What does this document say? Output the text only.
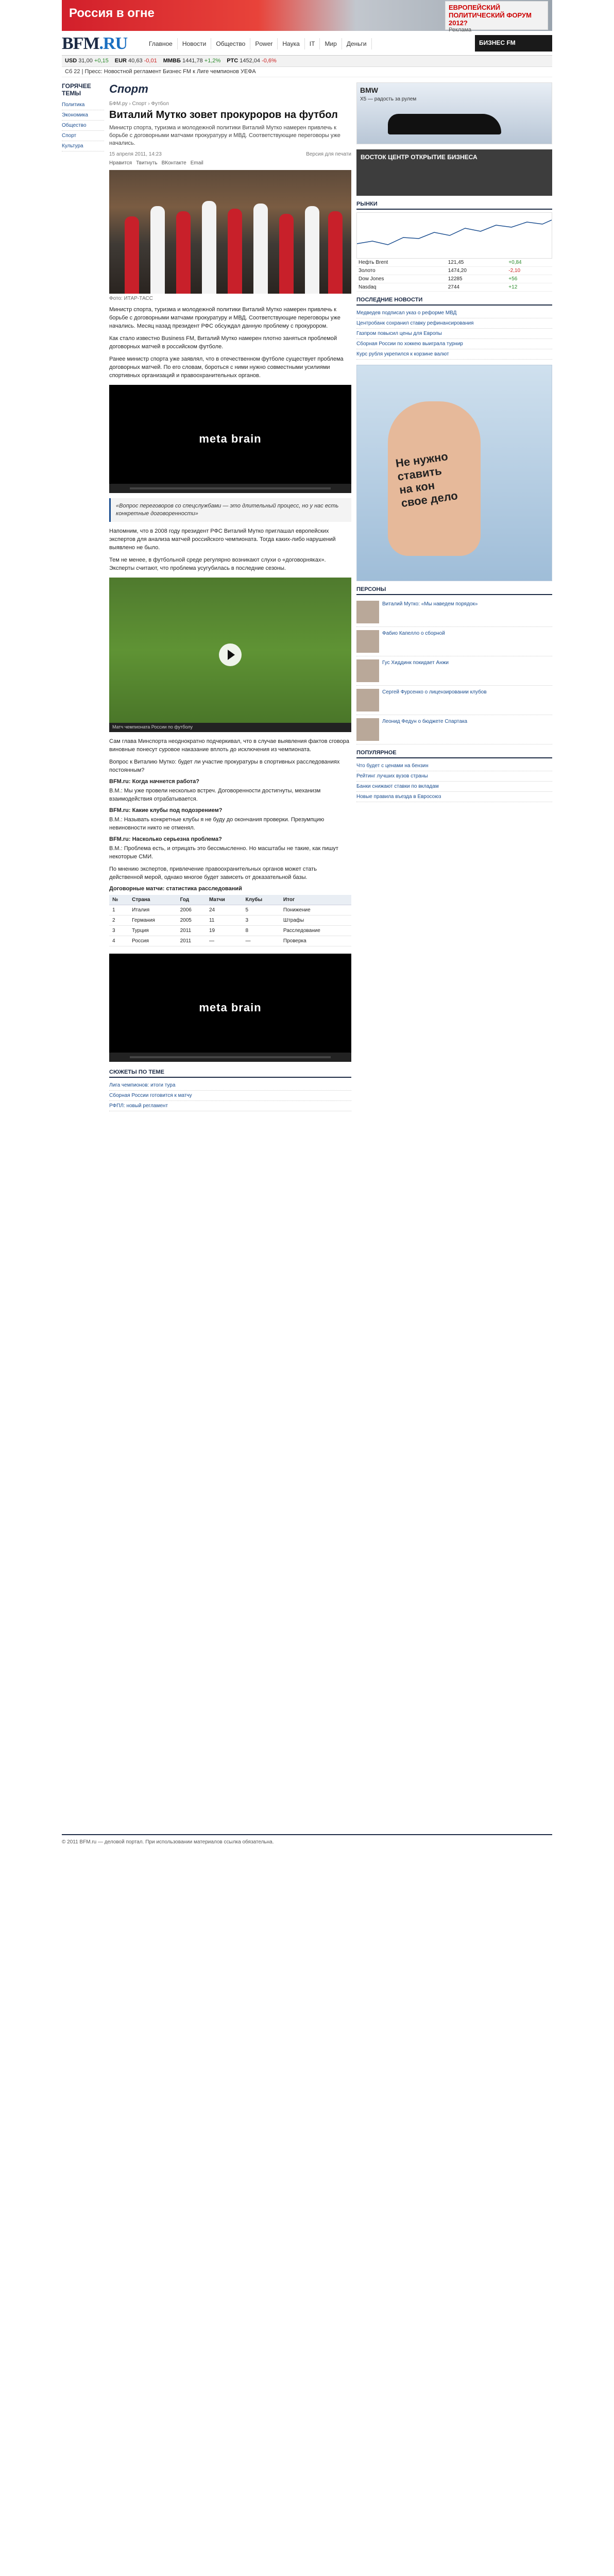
Россия в огне	ЕВРОПЕЙСКИЙ ПОЛИТИЧЕСКИЙ ФОРУМ 2012?
Реклама
BFM.RU	Главное	Новости	Общество	Power	Наука	IT	Мир	Деньги	БИЗНЕС FM
USD 31,00 +0,15 EUR 40,63 -0,01 ММВБ 1441,78 +1,2% РТС 1452,04 -0,6%
Сб 22 | Пресс: Новостной регламент Бизнес FM к Лиге чемпионов УЕФА
ГОРЯЧЕЕ ТЕМЫ
Политика
Экономика
Общество
Спорт
Культура
Спорт
БФМ.ру › Спорт › Футбол
Виталий Мутко зовет прокуроров на футбол
Министр спорта, туризма и молодежной политики Виталий Мутко намерен привлечь к борьбе с договорными матчами прокуратуру и МВД. Соответствующие переговоры уже начались.
15 апреля 2011, 14:23	Версия для печати
Нравится Твитнуть ВКонтакте Email
Фото: ИТАР-ТАСС

Министр спорта, туризма и молодежной политики Виталий Мутко намерен привлечь к борьбе с договорными матчами прокуратуру и МВД. Соответствующие переговоры уже начались. Месяц назад президент РФС обсуждал данную проблему с прокурором.

Как стало известно Business FM, Виталий Мутко намерен плотно заняться проблемой договорных матчей в российском футболе.

Ранее министр спорта уже заявлял, что в отечественном футболе существует проблема договорных матчей. По его словам, бороться с ними нужно совместными усилиями спортивных организаций и правоохранительных органов.

meta brain
«Вопрос переговоров со спецслужбами — это длительный процесс, но у нас есть конкретные договоренности»

Напомним, что в 2008 году президент РФС Виталий Мутко приглашал европейских экспертов для анализа матчей российского чемпионата. Тогда каких-либо нарушений выявлено не было.

Тем не менее, в футбольной среде регулярно возникают слухи о «договорняках». Эксперты считают, что проблема усугубилась в последние сезоны.

Матч чемпионата России по футболу

Сам глава Минспорта неоднократно подчеркивал, что в случае выявления фактов сговора виновные понесут суровое наказание вплоть до исключения из чемпионата.

Вопрос к Виталию Мутко: будет ли участие прокуратуры в спортивных расследованиях постоянным?

BFM.ru: Когда начнется работа?

В.М.: Мы уже провели несколько встреч. Договоренности достигнуты, механизм взаимодействия отрабатывается.

BFM.ru: Какие клубы под подозрением?

В.М.: Называть конкретные клубы я не буду до окончания проверки. Презумпцию невиновности никто не отменял.

BFM.ru: Насколько серьезна проблема?

В.М.: Проблема есть, и отрицать это бессмысленно. Но масштабы не такие, как пишут некоторые СМИ.

По мнению экспертов, привлечение правоохранительных органов может стать действенной мерой, однако многое будет зависеть от доказательной базы.

Договорные матчи: статистика расследований
№	Страна	Год	Матчи	Клубы	Итог
1	Италия	2006	24	5	Понижение
2	Германия	2005	11	3	Штрафы
3	Турция	2011	19	8	Расследование
4	Россия	2011	—	—	Проверка
meta brain
СЮЖЕТЫ ПО ТЕМЕ
Лига чемпионов: итоги тура
Сборная России готовится к матчу
РФПЛ: новый регламент
BMW
X5 — радость за рулем
ВОСТОК ЦЕНТР ОТКРЫТИЕ БИЗНЕСА
РЫНКИ
Нефть Brent	121,45	+0,84
Золото	1474,20	-2,10
Dow Jones	12285	+56
Nasdaq	2744	+12
ПОСЛЕДНИЕ НОВОСТИ
Медведев подписал указ о реформе МВД
Центробанк сохранил ставку рефинансирования
Газпром повысил цены для Европы
Сборная России по хоккею выиграла турнир
Курс рубля укрепился к корзине валют
Не нужно
ставить
на кон
свое дело
ПЕРСОНЫ
Виталий Мутко: «Мы наведем порядок»
Фабио Капелло о сборной
Гус Хиддинк покидает Анжи
Сергей Фурсенко о лицензировании клубов
Леонид Федун о бюджете Спартака
ПОПУЛЯРНОЕ
Что будет с ценами на бензин
Рейтинг лучших вузов страны
Банки снижают ставки по вкладам
Новые правила въезда в Евросоюз
© 2011 BFM.ru — деловой портал. При использовании материалов ссылка обязательна.
